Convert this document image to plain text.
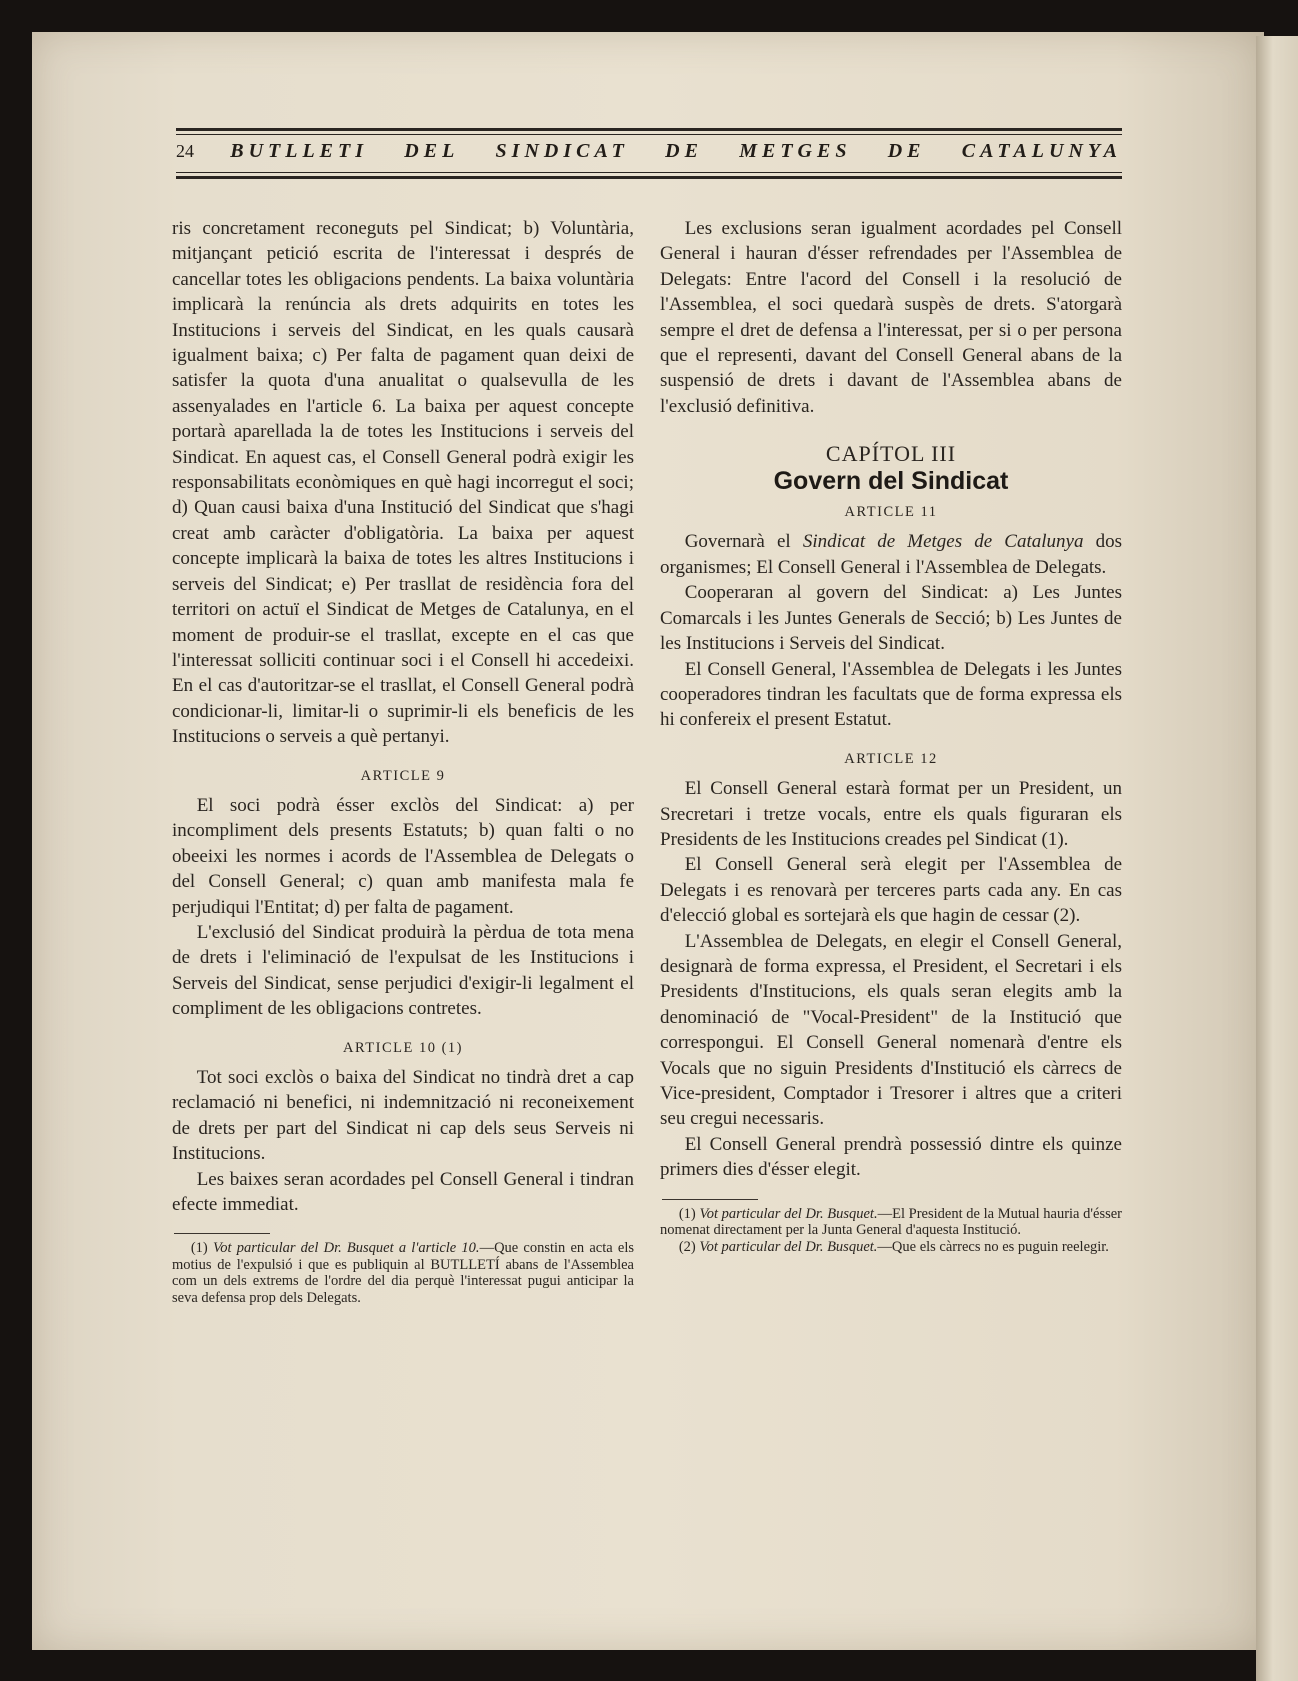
24 BUTLLETI DEL SINDICAT DE METGES DE CATALUNYA

ris concretament reconeguts pel Sindicat; b) Voluntària, mitjançant petició escrita de l'interessat i després de cancellar totes les obligacions pendents. La baixa voluntària implicarà la renúncia als drets adquirits en totes les Institucions i serveis del Sindicat, en les quals causarà igualment baixa; c) Per falta de pagament quan deixi de satisfer la quota d'una anualitat o qualsevulla de les assenyalades en l'article 6. La baixa per aquest concepte portarà aparellada la de totes les Institucions i serveis del Sindicat. En aquest cas, el Consell General podrà exigir les responsabilitats econòmiques en què hagi incorregut el soci; d) Quan causi baixa d'una Institució del Sindicat que s'hagi creat amb caràcter d'obligatòria. La baixa per aquest concepte implicarà la baixa de totes les altres Institucions i serveis del Sindicat; e) Per trasllat de residència fora del territori on actuï el Sindicat de Metges de Catalunya, en el moment de produir-se el trasllat, excepte en el cas que l'interessat solliciti continuar soci i el Consell hi accedeixi. En el cas d'autoritzar-se el trasllat, el Consell General podrà condicionar-li, limitar-li o suprimir-li els beneficis de les Institucions o serveis a què pertanyi.

ARTICLE 9

El soci podrà ésser exclòs del Sindicat: a) per incompliment dels presents Estatuts; b) quan falti o no obeeixi les normes i acords de l'Assemblea de Delegats o del Consell General; c) quan amb manifesta mala fe perjudiqui l'Entitat; d) per falta de pagament.

L'exclusió del Sindicat produirà la pèrdua de tota mena de drets i l'eliminació de l'expulsat de les Institucions i Serveis del Sindicat, sense perjudici d'exigir-li legalment el compliment de les obligacions contretes.

ARTICLE 10 (1)

Tot soci exclòs o baixa del Sindicat no tindrà dret a cap reclamació ni benefici, ni indemnització ni reconeixement de drets per part del Sindicat ni cap dels seus Serveis ni Institucions.

Les baixes seran acordades pel Consell General i tindran efecte immediat.

(1) Vot particular del Dr. Busquet a l'article 10.—Que constin en acta els motius de l'expulsió i que es publiquin al BUTLLETÍ abans de l'Assemblea com un dels extrems de l'ordre del dia perquè l'interessat pugui anticipar la seva defensa prop dels Delegats.

Les exclusions seran igualment acordades pel Consell General i hauran d'ésser refrendades per l'Assemblea de Delegats: Entre l'acord del Consell i la resolució de l'Assemblea, el soci quedarà suspès de drets. S'atorgarà sempre el dret de defensa a l'interessat, per si o per persona que el representi, davant del Consell General abans de la suspensió de drets i davant de l'Assemblea abans de l'exclusió definitiva.

CAPÍTOL III
Govern del Sindicat
ARTICLE 11

Governarà el Sindicat de Metges de Catalunya dos organismes; El Consell General i l'Assemblea de Delegats.

Cooperaran al govern del Sindicat: a) Les Juntes Comarcals i les Juntes Generals de Secció; b) Les Juntes de les Institucions i Serveis del Sindicat.

El Consell General, l'Assemblea de Delegats i les Juntes cooperadores tindran les facultats que de forma expressa els hi confereix el present Estatut.

ARTICLE 12

El Consell General estarà format per un President, un Srecretari i tretze vocals, entre els quals figuraran els Presidents de les Institucions creades pel Sindicat (1).

El Consell General serà elegit per l'Assemblea de Delegats i es renovarà per terceres parts cada any. En cas d'elecció global es sortejarà els que hagin de cessar (2).

L'Assemblea de Delegats, en elegir el Consell General, designarà de forma expressa, el President, el Secretari i els Presidents d'Institucions, els quals seran elegits amb la denominació de "Vocal-President" de la Institució que correspongui. El Consell General nomenarà d'entre els Vocals que no siguin Presidents d'Institució els càrrecs de Vice-president, Comptador i Tresorer i altres que a criteri seu cregui necessaris.

El Consell General prendrà possessió dintre els quinze primers dies d'ésser elegit.

(1) Vot particular del Dr. Busquet.—El President de la Mutual hauria d'ésser nomenat directament per la Junta General d'aquesta Institució.

(2) Vot particular del Dr. Busquet.—Que els càrrecs no es puguin reelegir.
